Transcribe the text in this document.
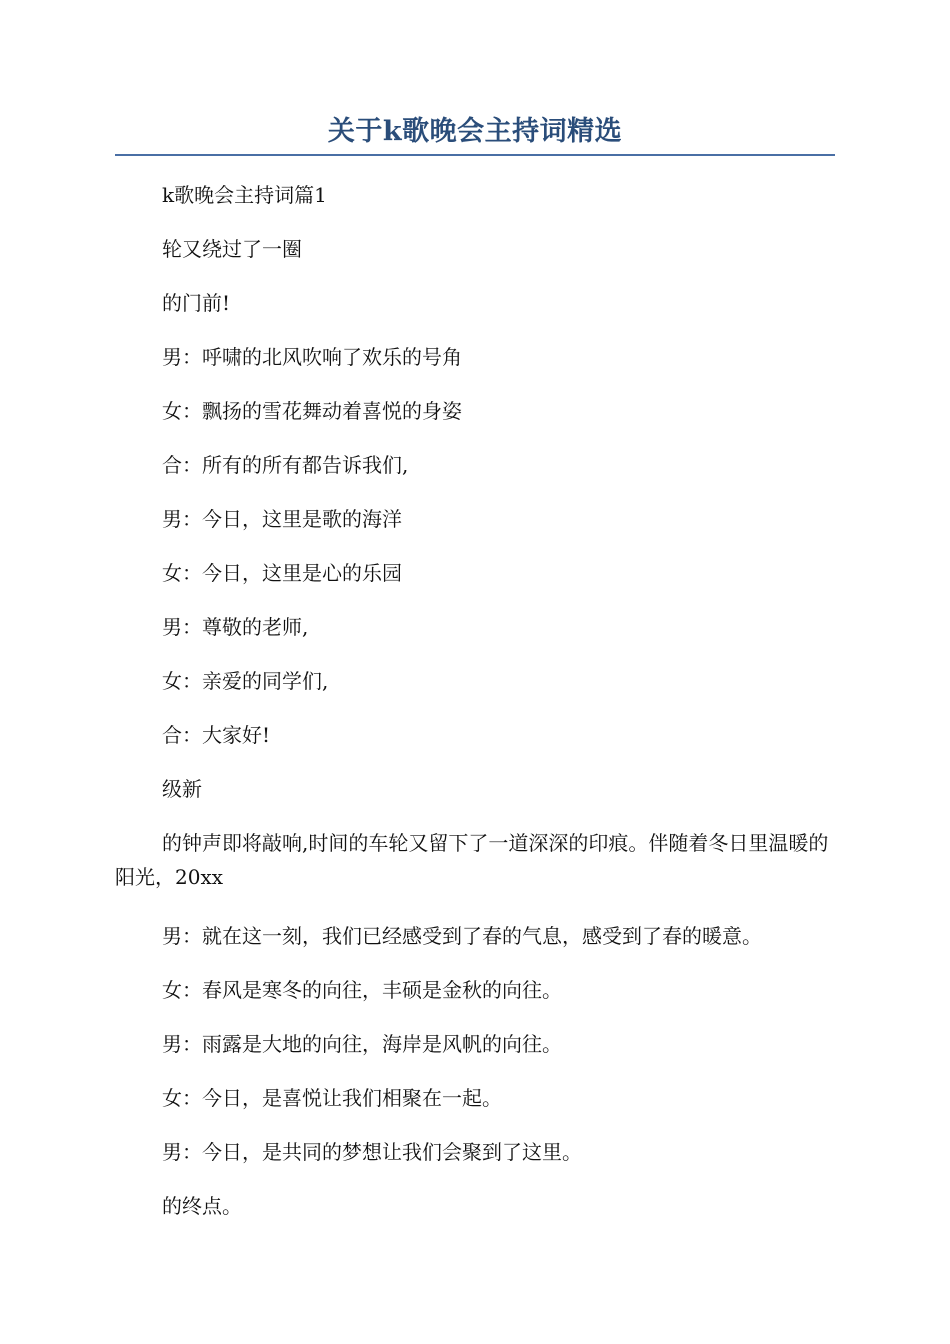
关于k歌晚会主持词精选

k歌晚会主持词篇1

轮又绕过了一圈

的门前!

男：呼啸的北风吹响了欢乐的号角

女：飘扬的雪花舞动着喜悦的身姿

合：所有的所有都告诉我们,

男：今日，这里是歌的海洋

女：今日，这里是心的乐园

男：尊敬的老师,

女：亲爱的同学们,

合：大家好!

级新

的钟声即将敲响,时间的车轮又留下了一道深深的印痕。伴随着冬日里温暖的阳光，20xx

男：就在这一刻，我们已经感受到了春的气息，感受到了春的暖意。

女：春风是寒冬的向往，丰硕是金秋的向往。

男：雨露是大地的向往，海岸是风帆的向往。

女：今日，是喜悦让我们相聚在一起。

男：今日，是共同的梦想让我们会聚到了这里。

的终点。
